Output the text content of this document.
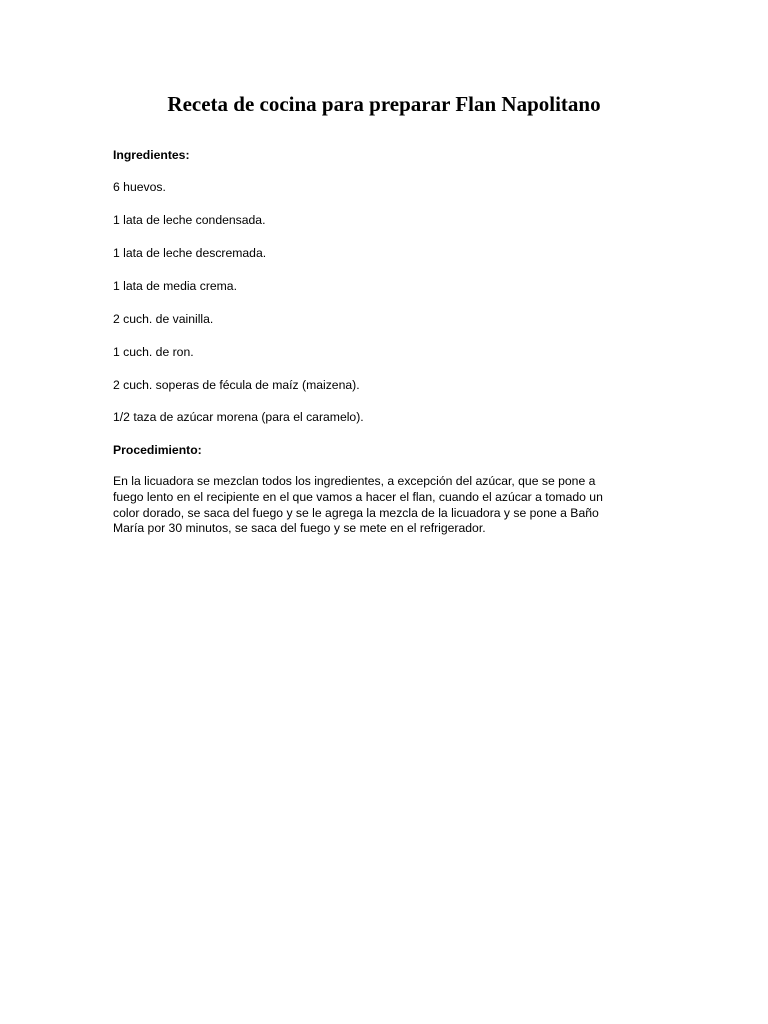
Receta de cocina para preparar Flan Napolitano

Ingredientes:

6 huevos.

1 lata de leche condensada.

1 lata de leche descremada.

1 lata de media crema.

2 cuch. de vainilla.

1 cuch. de ron.

2 cuch. soperas de fécula de maíz (maizena).

1/2 taza de azúcar morena (para el caramelo).

Procedimiento:

En la licuadora se mezclan todos los ingredientes, a excepción del azúcar, que se pone a
fuego lento en el recipiente en el que vamos a hacer el flan, cuando el azúcar a tomado un
color dorado, se saca del fuego y se le agrega la mezcla de la licuadora y se pone a Baño
María por 30 minutos, se saca del fuego y se mete en el refrigerador.
